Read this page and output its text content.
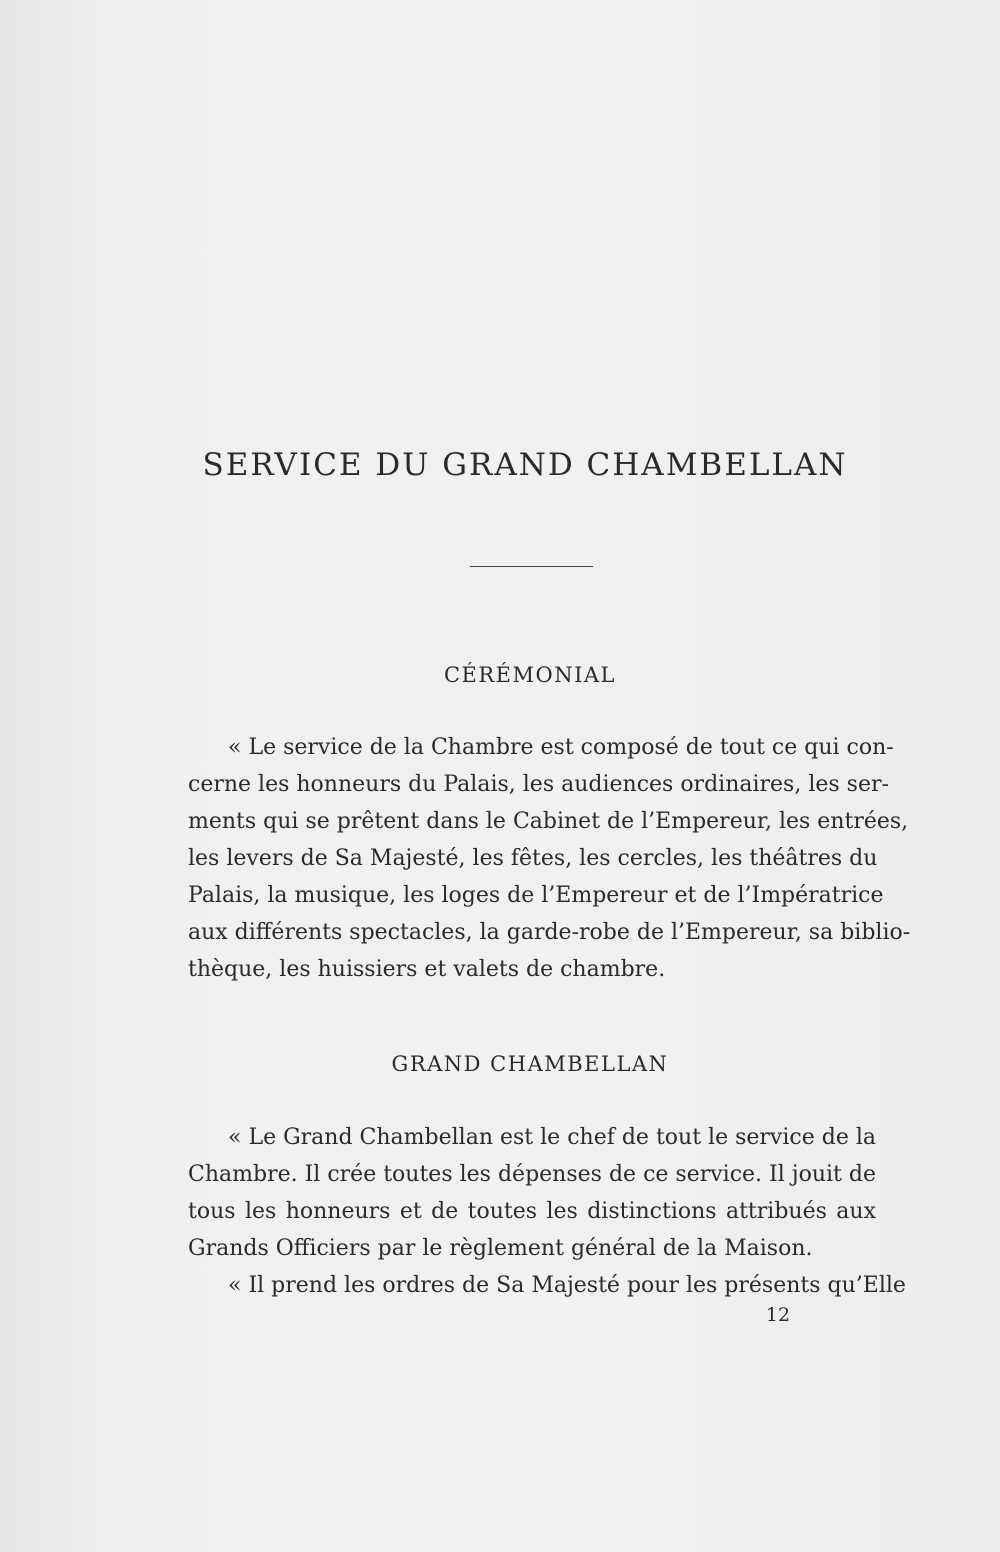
SERVICE DU GRAND CHAMBELLAN
CÉRÉMONIAL
« Le service de la Chambre est composé de tout ce qui con-
cerne les honneurs du Palais, les audiences ordinaires, les ser-
ments qui se prêtent dans le Cabinet de l’Empereur, les entrées,
les levers de Sa Majesté, les fêtes, les cercles, les théâtres du
Palais, la musique, les loges de l’Empereur et de l’Impératrice
aux différents spectacles, la garde-robe de l’Empereur, sa biblio-
thèque, les huissiers et valets de chambre.
GRAND CHAMBELLAN
« Le Grand Chambellan est le chef de tout le service de la
Chambre. Il crée toutes les dépenses de ce service. Il jouit de
tous les honneurs et de toutes les distinctions attribués aux
Grands Officiers par le règlement général de la Maison.
« Il prend les ordres de Sa Majesté pour les présents qu’Elle
12
